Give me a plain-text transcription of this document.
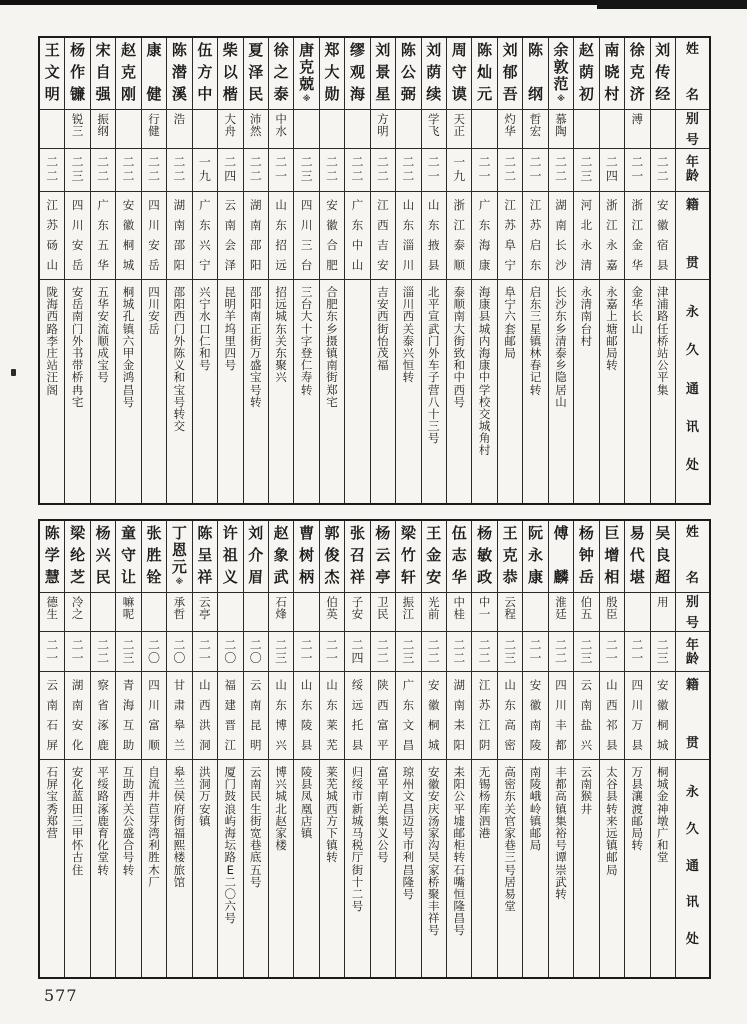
王
文
明
二
二
江
苏
砀
山
陇
海
西
路
李
庄
站
汪
阁
杨
作
镰
锐
三
二
三
四
川
安
岳
安
岳
南
门
外
书
带
桥
冉
宅
宋
自
强
振
纲
二
二
广
东
五
华
五
华
安
流
顺
成
宝
号
赵
克
刚
二
二
安
徽
桐
城
桐
城
孔
镇
六
甲
金
鸿
昌
号
康
健
行
健
二
二
四
川
安
岳
四
川
安
岳
陈
潜
溪
浩
二
二
湖
南
邵
阳
邵
阳
西
门
外
陈
义
和
宝
号
转
交
伍
方
中
一
九
广
东
兴
宁
兴
宁
水
口
仁
和
号
柴
以
楷
大
舟
二
四
云
南
会
泽
昆
明
羊
坞
里
四
号
夏
泽
民
沛
然
二
二
湖
南
邵
阳
邵
阳
南
正
街
万
盛
宝
号
转
徐
之
泰
中
水
二
一
山
东
招
远
招
远
城
东
关
东
聚
兴
唐
克
兢
※
二
三
四
川
三
台
三
台
大
十
字
登
仁
寿
转
郑
大
勋
二
二
安
徽
合
肥
合
肥
东
乡
摄
镇
南
街
郑
宅
缪
观
海
二
二
广
东
中
山
刘
景
星
方
明
二
二
江
西
吉
安
吉
安
西
街
怡
茂
福
陈
公
弼
二
二
山
东
淄
川
淄
川
西
关
泰
兴
恒
转
刘
荫
续
学
飞
二
一
山
东
掖
县
北
平
宣
武
门
外
车
子
营
八
十
三
号
周
守
谟
天
正
一
九
浙
江
泰
顺
泰
顺
南
大
街
致
和
中
西
号
陈
灿
元
二
一
广
东
海
康
海
康
县
城
内
海
康
中
学
校
交
城
角
村
刘
郁
吾
灼
华
二
二
江
苏
阜
宁
阜
宁
六
套
邮
局
陈
纲
哲
宏
二
一
江
苏
启
东
启
东
三
星
镇
林
春
记
转
余
敦
范
※
慕
陶
二
二
湖
南
长
沙
长
沙
东
乡
清
泰
乡
隐
居
山
赵
荫
初
二
三
河
北
永
清
永
清
南
台
村
南
晓
村
二
四
浙
江
永
嘉
永
嘉
上
塘
邮
局
转
徐
克
济
溥
二
一
浙
江
金
华
金
华
长
山
刘
传
经
二
二
安
徽
宿
县
津
浦
路
任
桥
站
公
平
集
姓
名
别
号
年
龄
籍
贯
永
久
通
讯
处
陈
学
慧
德
生
二
一
云
南
石
屏
石
屏
宝
秀
郑
营
梁
纶
芝
冷
之
二
一
湖
南
安
化
安
化
蓝
田
三
甲
怀
古
住
杨
兴
民
二
二
察
省
涿
鹿
平
绥
路
涿
鹿
育
化
堂
转
童
守
让
嘛
呢
二
三
青
海
互
助
互
助
西
关
公
盛
合
号
转
张
胜
铨
二
〇
四
川
富
顺
自
流
井
苣
芽
湾
利
胜
木
厂
丁
恩
元
※
承
哲
二
〇
甘
肃
皋
兰
皋
兰
侯
府
街
福
熙
楼
旅
馆
陈
呈
祥
云
亭
二
一
山
西
洪
洞
洪
洞
万
安
镇
许
祖
义
二
〇
福
建
晋
江
厦
门
鼓
浪
屿
海
坛
路
E
二
〇
六
号
刘
介
眉
二
〇
云
南
昆
明
云
南
民
生
街
宽
巷
底
五
号
赵
象
武
石
烽
二
三
山
东
博
兴
博
兴
城
北
赵
家
楼
曹
树
柄
二
一
山
东
陵
县
陵
县
凤
凰
店
镇
郭
俊
杰
伯
英
二
一
山
东
莱
芜
莱
芜
城
西
方
下
镇
转
张
召
祥
子
安
二
四
绥
远
托
县
归
绥
市
新
城
马
税
厅
街
十
二
号
杨
云
亭
卫
民
二
二
陕
西
富
平
富
平
南
关
集
义
公
号
梁
竹
轩
振
江
二
三
广
东
文
昌
琼
州
文
昌
迈
号
市
利
昌
隆
号
王
金
安
光
前
二
二
安
徽
桐
城
安
徽
安
庆
汤
家
沟
吴
家
桥
聚
丰
祥
号
伍
志
华
中
桂
二
二
湖
南
耒
阳
耒
阳
公
平
墟
邮
柜
转
石
嘴
恒
隆
昌
号
杨
敏
政
中
一
二
二
江
苏
江
阴
无
锡
杨
库
泗
港
王
克
恭
云
程
二
三
山
东
高
密
高
密
东
关
官
家
巷
三
号
居
易
堂
阮
永
康
二
一
安
徽
南
陵
南
陵
峨
岭
镇
邮
局
傅
麟
淮
廷
二
二
四
川
丰
都
丰
都
高
镇
集
裕
号
谭
崇
武
转
杨
钟
岳
伯
五
二
三
云
南
盐
兴
云
南
猴
井
巨
增
相
殷
臣
二
一
山
西
祁
县
太
谷
县
转
来
远
镇
邮
局
易
代
堪
二
一
四
川
万
县
万
县
瀼
渡
邮
局
转
吴
良
超
用
二
三
安
徽
桐
城
桐
城
金
神
墩
广
和
堂
姓
名
别
号
年
龄
籍
贯
永
久
通
讯
处
577
